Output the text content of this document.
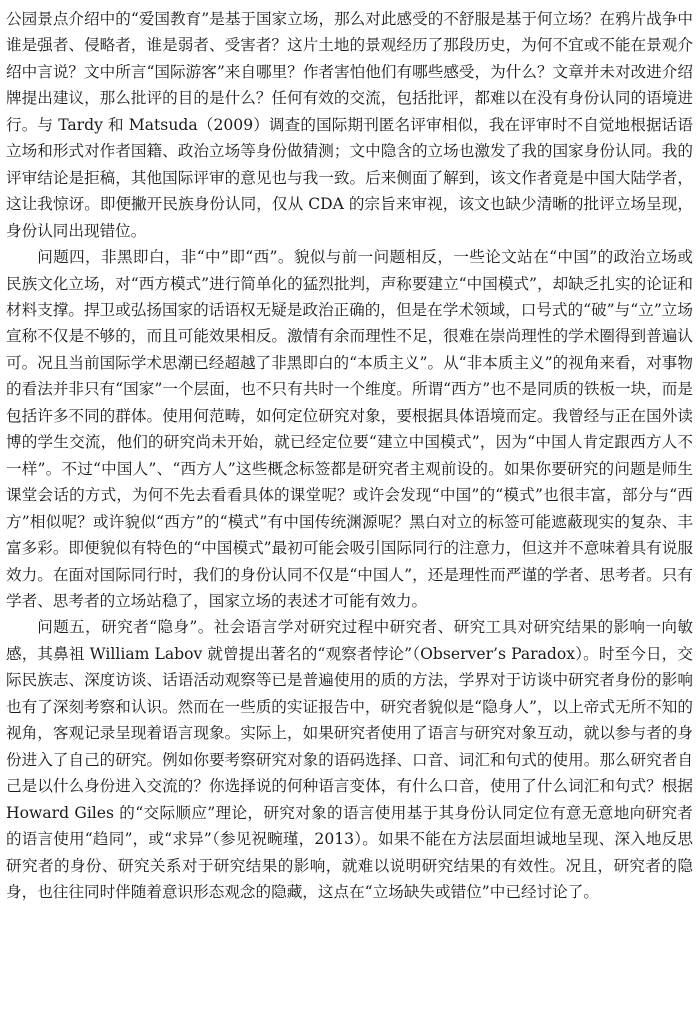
公园景点介绍中的“爱国教育”是基于国家立场，那么对此感受的不舒服是基于何立场？在鸦片战争中谁是强者、侵略者，谁是弱者、受害者？这片土地的景观经历了那段历史，为何不宜或不能在景观介绍中言说？文中所言“国际游客”来自哪里？作者害怕他们有哪些感受，为什么？文章并未对改进介绍牌提出建议，那么批评的目的是什么？任何有效的交流，包括批评，都难以在没有身份认同的语境进行。与 Tardy 和 Matsuda（2009）调查的国际期刊匿名评审相似，我在评审时不自觉地根据话语立场和形式对作者国籍、政治立场等身份做猜测；文中隐含的立场也激发了我的国家身份认同。我的评审结论是拒稿，其他国际评审的意见也与我一致。后来侧面了解到，该文作者竟是中国大陆学者，这让我惊讶。即便撇开民族身份认同，仅从 CDA 的宗旨来审视，该文也缺少清晰的批评立场呈现，身份认同出现错位。

问题四，非黑即白，非“中”即“西”。貌似与前一问题相反，一些论文站在“中国”的政治立场或民族文化立场，对“西方模式”进行简单化的猛烈批判，声称要建立“中国模式”，却缺乏扎实的论证和材料支撑。捍卫或弘扬国家的话语权无疑是政治正确的，但是在学术领域，口号式的“破”与“立”立场宣称不仅是不够的，而且可能效果相反。激情有余而理性不足，很难在崇尚理性的学术圈得到普遍认可。况且当前国际学术思潮已经超越了非黑即白的“本质主义”。从“非本质主义”的视角来看，对事物的看法并非只有“国家”一个层面，也不只有共时一个维度。所谓“西方”也不是同质的铁板一块，而是包括许多不同的群体。使用何范畴，如何定位研究对象，要根据具体语境而定。我曾经与正在国外读博的学生交流，他们的研究尚未开始，就已经定位要“建立中国模式”，因为“中国人肯定跟西方人不一样”。不过“中国人”、“西方人”这些概念标签都是研究者主观前设的。如果你要研究的问题是师生课堂会话的方式，为何不先去看看具体的课堂呢？或许会发现“中国”的“模式”也很丰富，部分与“西方”相似呢？或许貌似“西方”的“模式”有中国传统渊源呢？黑白对立的标签可能遮蔽现实的复杂、丰富多彩。即便貌似有特色的“中国模式”最初可能会吸引国际同行的注意力，但这并不意味着具有说服效力。在面对国际同行时，我们的身份认同不仅是“中国人”，还是理性而严谨的学者、思考者。只有学者、思考者的立场站稳了，国家立场的表述才可能有效力。

问题五，研究者“隐身”。社会语言学对研究过程中研究者、研究工具对研究结果的影响一向敏感，其鼻祖 William Labov 就曾提出著名的“观察者悖论”（Observer’s Paradox）。时至今日，交际民族志、深度访谈、话语活动观察等已是普遍使用的质的方法，学界对于访谈中研究者身份的影响也有了深刻考察和认识。然而在一些质的实证报告中，研究者貌似是“隐身人”，以上帝式无所不知的视角，客观记录呈现着语言现象。实际上，如果研究者使用了语言与研究对象互动，就以参与者的身份进入了自己的研究。例如你要考察研究对象的语码选择、口音、词汇和句式的使用。那么研究者自己是以什么身份进入交流的？你选择说的何种语言变体，有什么口音，使用了什么词汇和句式？根据 Howard Giles 的“交际顺应”理论，研究对象的语言使用基于其身份认同定位有意无意地向研究者的语言使用“趋同”，或“求异”（参见祝畹瑾，2013）。如果不能在方法层面坦诚地呈现、深入地反思研究者的身份、研究关系对于研究结果的影响，就难以说明研究结果的有效性。况且，研究者的隐身，也往往同时伴随着意识形态观念的隐藏，这点在“立场缺失或错位”中已经讨论了。
